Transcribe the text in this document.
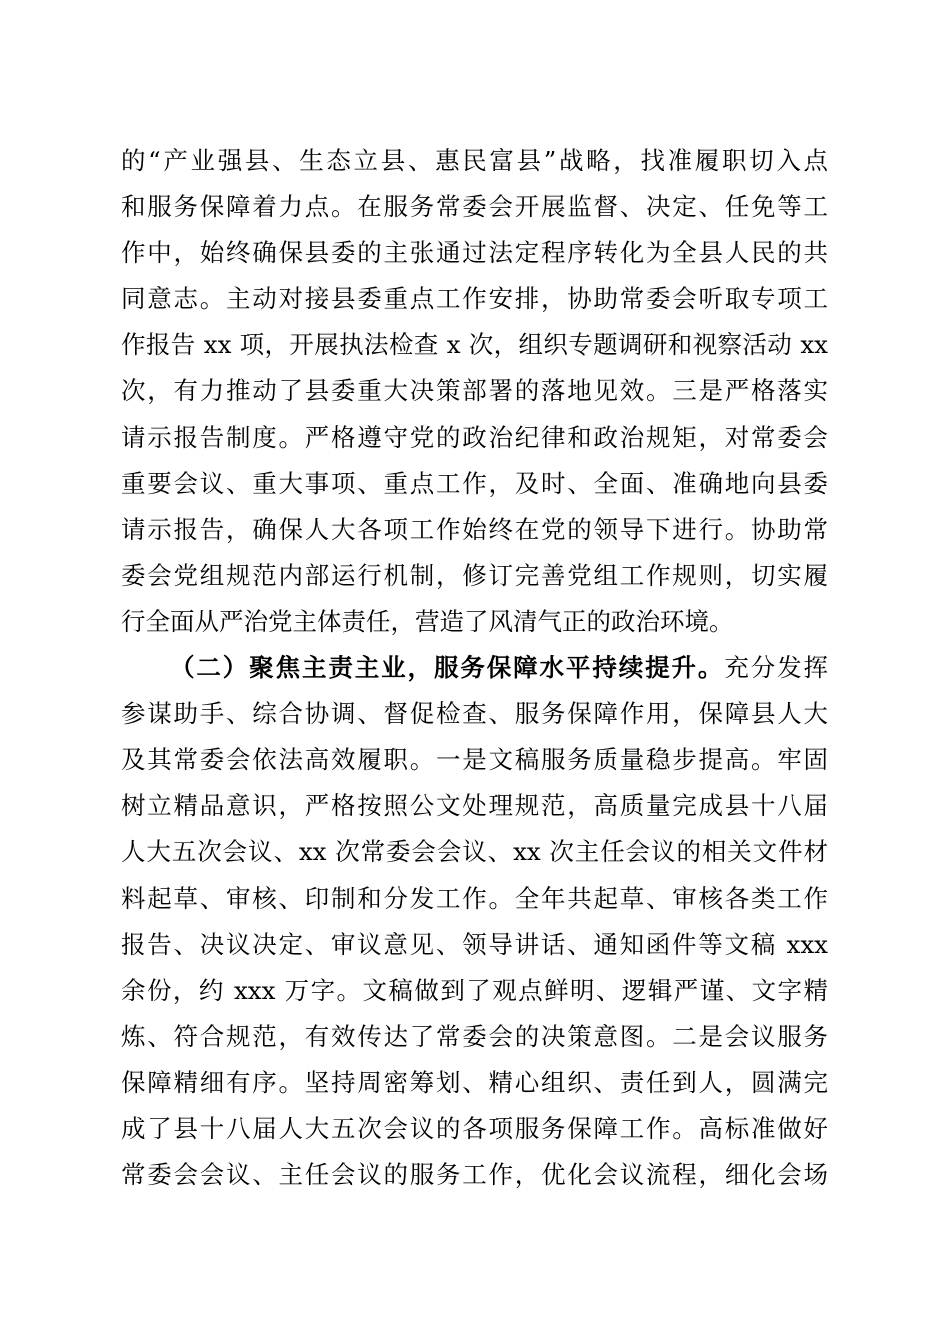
的“产业强县、生态立县、惠民富县”战略，找准履职切入点
和服务保障着力点。在服务常委会开展监督、决定、任免等工
作中，始终确保县委的主张通过法定程序转化为全县人民的共
同意志。主动对接县委重点工作安排，协助常委会听取专项工
作报告 xx 项，开展执法检查 x 次，组织专题调研和视察活动 xx
次，有力推动了县委重大决策部署的落地见效。三是严格落实
请示报告制度。严格遵守党的政治纪律和政治规矩，对常委会
重要会议、重大事项、重点工作，及时、全面、准确地向县委
请示报告，确保人大各项工作始终在党的领导下进行。协助常
委会党组规范内部运行机制，修订完善党组工作规则，切实履
行全面从严治党主体责任，营造了风清气正的政治环境。
（二）聚焦主责主业，服务保障水平持续提升。充分发挥
参谋助手、综合协调、督促检查、服务保障作用，保障县人大
及其常委会依法高效履职。一是文稿服务质量稳步提高。牢固
树立精品意识，严格按照公文处理规范，高质量完成县十八届
人大五次会议、xx 次常委会会议、xx 次主任会议的相关文件材
料起草、审核、印制和分发工作。全年共起草、审核各类工作
报告、决议决定、审议意见、领导讲话、通知函件等文稿 xxx
余份，约 xxx 万字。文稿做到了观点鲜明、逻辑严谨、文字精
炼、符合规范，有效传达了常委会的决策意图。二是会议服务
保障精细有序。坚持周密筹划、精心组织、责任到人，圆满完
成了县十八届人大五次会议的各项服务保障工作。高标准做好
常委会会议、主任会议的服务工作，优化会议流程，细化会场
